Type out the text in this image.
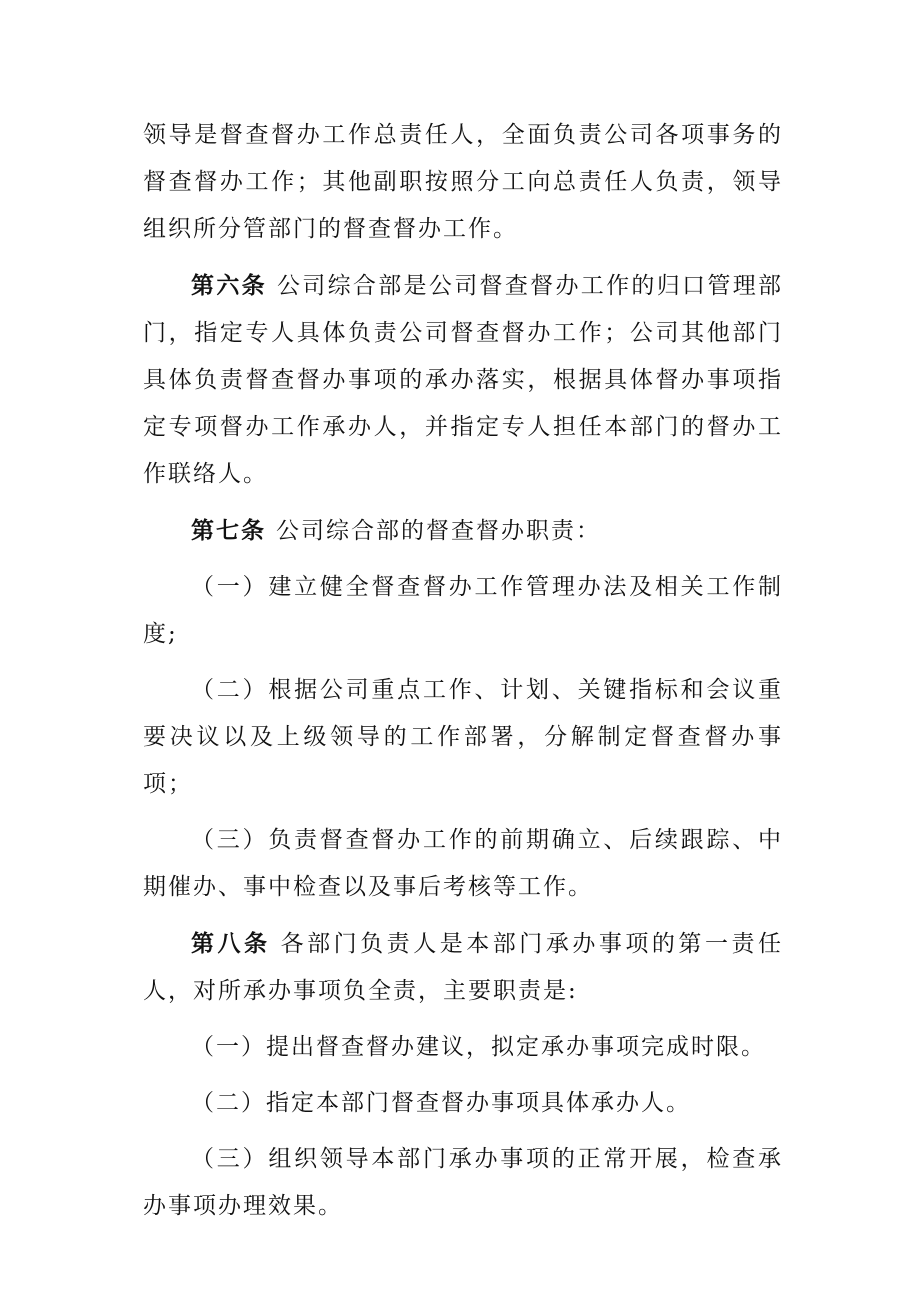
领导是督查督办工作总责任人，全面负责公司各项事务的督查督办工作；其他副职按照分工向总责任人负责，领导组织所分管部门的督查督办工作。

第六条 公司综合部是公司督查督办工作的归口管理部门，指定专人具体负责公司督查督办工作；公司其他部门具体负责督查督办事项的承办落实，根据具体督办事项指定专项督办工作承办人，并指定专人担任本部门的督办工作联络人。

第七条 公司综合部的督查督办职责：

（一）建立健全督查督办工作管理办法及相关工作制度;

（二）根据公司重点工作、计划、关键指标和会议重要决议以及上级领导的工作部署，分解制定督查督办事项；

（三）负责督查督办工作的前期确立、后续跟踪、中期催办、事中检查以及事后考核等工作。

第八条 各部门负责人是本部门承办事项的第一责任人，对所承办事项负全责，主要职责是:

（一）提出督查督办建议，拟定承办事项完成时限。

（二）指定本部门督查督办事项具体承办人。

（三）组织领导本部门承办事项的正常开展，检查承办事项办理效果。
